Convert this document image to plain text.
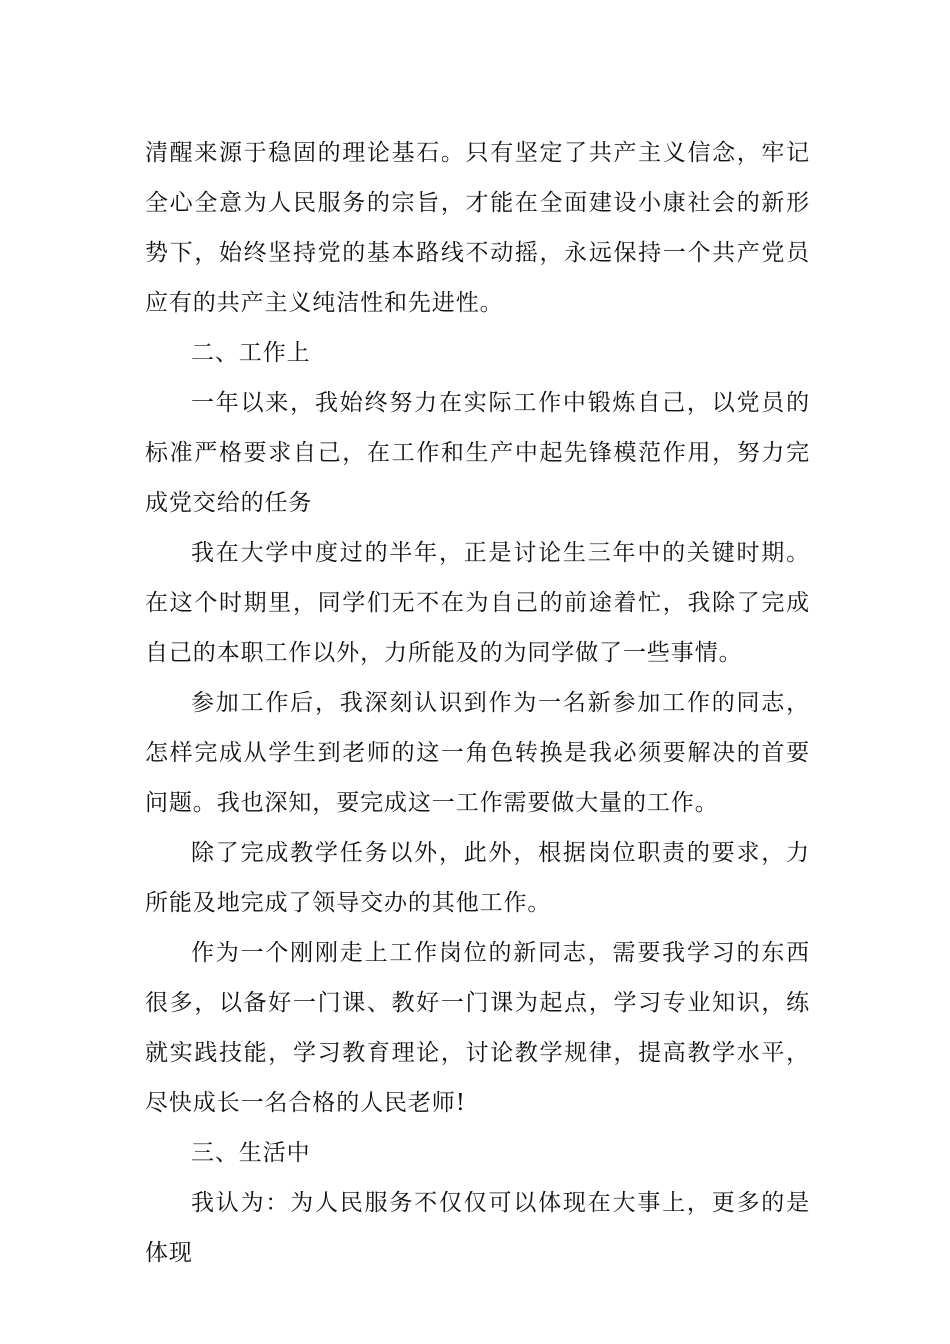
清醒来源于稳固的理论基石。只有坚定了共产主义信念，牢记全心全意为人民服务的宗旨，才能在全面建设小康社会的新形势下，始终坚持党的基本路线不动摇，永远保持一个共产党员应有的共产主义纯洁性和先进性。

二、工作上

一年以来，我始终努力在实际工作中锻炼自己，以党员的标准严格要求自己，在工作和生产中起先锋模范作用，努力完成党交给的任务

我在大学中度过的半年，正是讨论生三年中的关键时期。在这个时期里，同学们无不在为自己的前途着忙，我除了完成自己的本职工作以外，力所能及的为同学做了一些事情。

参加工作后，我深刻认识到作为一名新参加工作的同志，怎样完成从学生到老师的这一角色转换是我必须要解决的首要问题。我也深知，要完成这一工作需要做大量的工作。

除了完成教学任务以外，此外，根据岗位职责的要求，力所能及地完成了领导交办的其他工作。

作为一个刚刚走上工作岗位的新同志，需要我学习的东西很多，以备好一门课、教好一门课为起点，学习专业知识，练就实践技能，学习教育理论，讨论教学规律，提高教学水平，尽快成长一名合格的人民老师!

三、生活中

我认为：为人民服务不仅仅可以体现在大事上，更多的是体现
